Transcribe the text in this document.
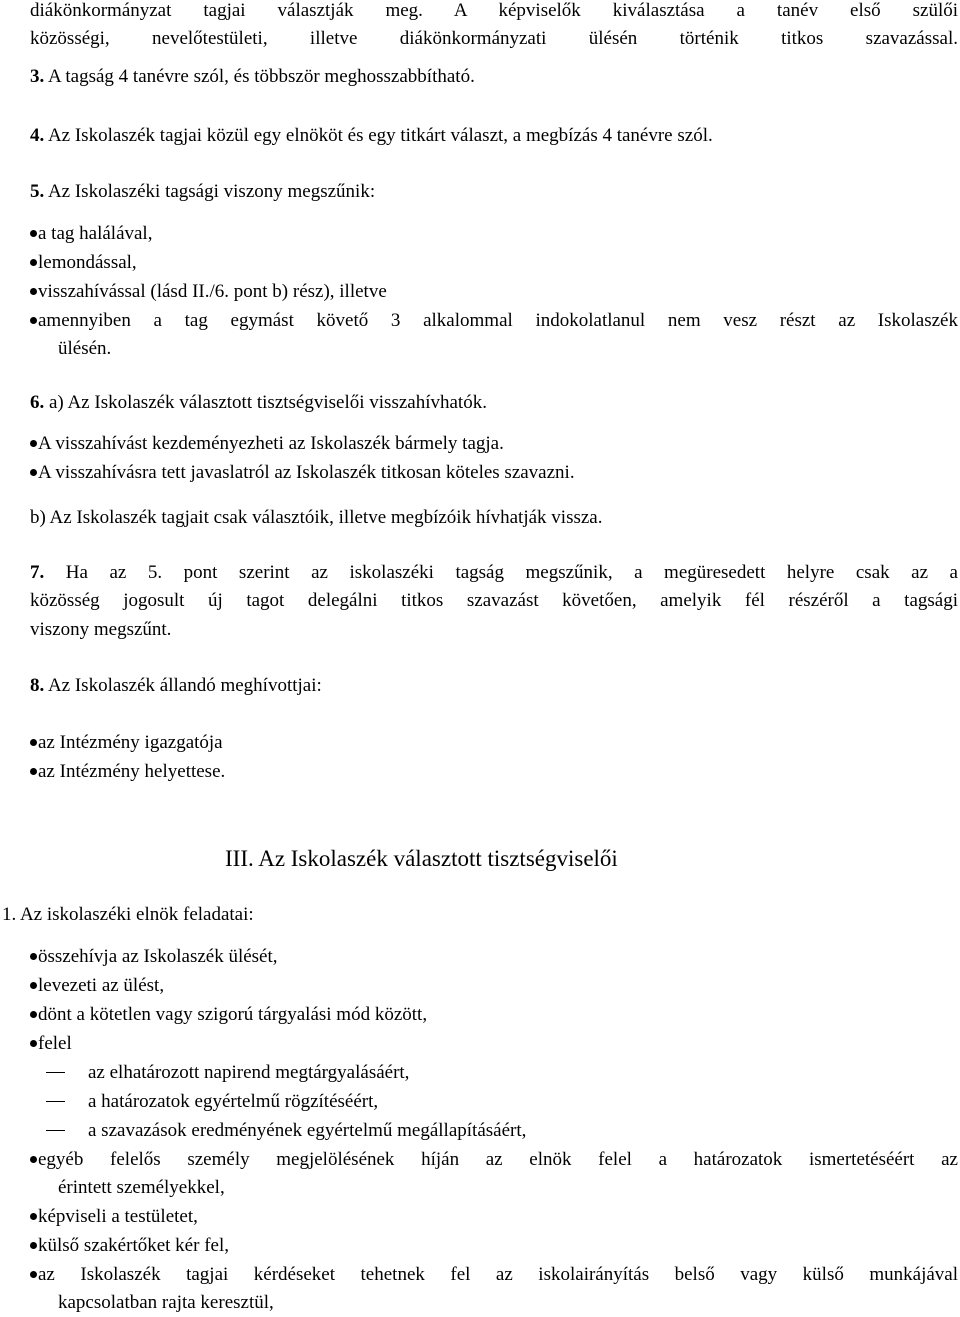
diákönkormányzat tagjai választják meg. A képviselők kiválasztása a tanév első szülői
közösségi, nevelőtestületi, illetve diákönkormányzati ülésén történik titkos szavazással.
3. A tagság 4 tanévre szól, és többször meghosszabbítható.
4. Az Iskolaszék tagjai közül egy elnököt és egy titkárt választ, a megbízás 4 tanévre szól.
5. Az Iskolaszéki tagsági viszony megszűnik:
a tag halálával,
lemondással,
visszahívással (lásd II./6. pont b) rész), illetve
amennyiben a tag egymást követő 3 alkalommal indokolatlanul nem vesz részt az Iskolaszék
ülésén.
6. a) Az Iskolaszék választott tisztségviselői visszahívhatók.
A visszahívást kezdeményezheti az Iskolaszék bármely tagja.
A visszahívásra tett javaslatról az Iskolaszék titkosan köteles szavazni.
b) Az Iskolaszék tagjait csak választóik, illetve megbízóik hívhatják vissza.
7. Ha az 5. pont szerint az iskolaszéki tagság megszűnik, a megüresedett helyre csak az a
közösség jogosult új tagot delegálni titkos szavazást követően, amelyik fél részéről a tagsági
viszony megszűnt.
8. Az Iskolaszék állandó meghívottjai:
az Intézmény igazgatója
az Intézmény helyettese.
III. Az Iskolaszék választott tisztségviselői
1. Az iskolaszéki elnök feladatai:
összehívja az Iskolaszék ülését,
levezeti az ülést,
dönt a kötetlen vagy szigorú tárgyalási mód között,
felel
az elhatározott napirend megtárgyalásáért,
a határozatok egyértelmű rögzítéséért,
a szavazások eredményének egyértelmű megállapításáért,
egyéb felelős személy megjelölésének híján az elnök felel a határozatok ismertetéséért az
érintett személyekkel,
képviseli a testületet,
külső szakértőket kér fel,
az Iskolaszék tagjai kérdéseket tehetnek fel az iskolairányítás belső vagy külső munkájával
kapcsolatban rajta keresztül,
